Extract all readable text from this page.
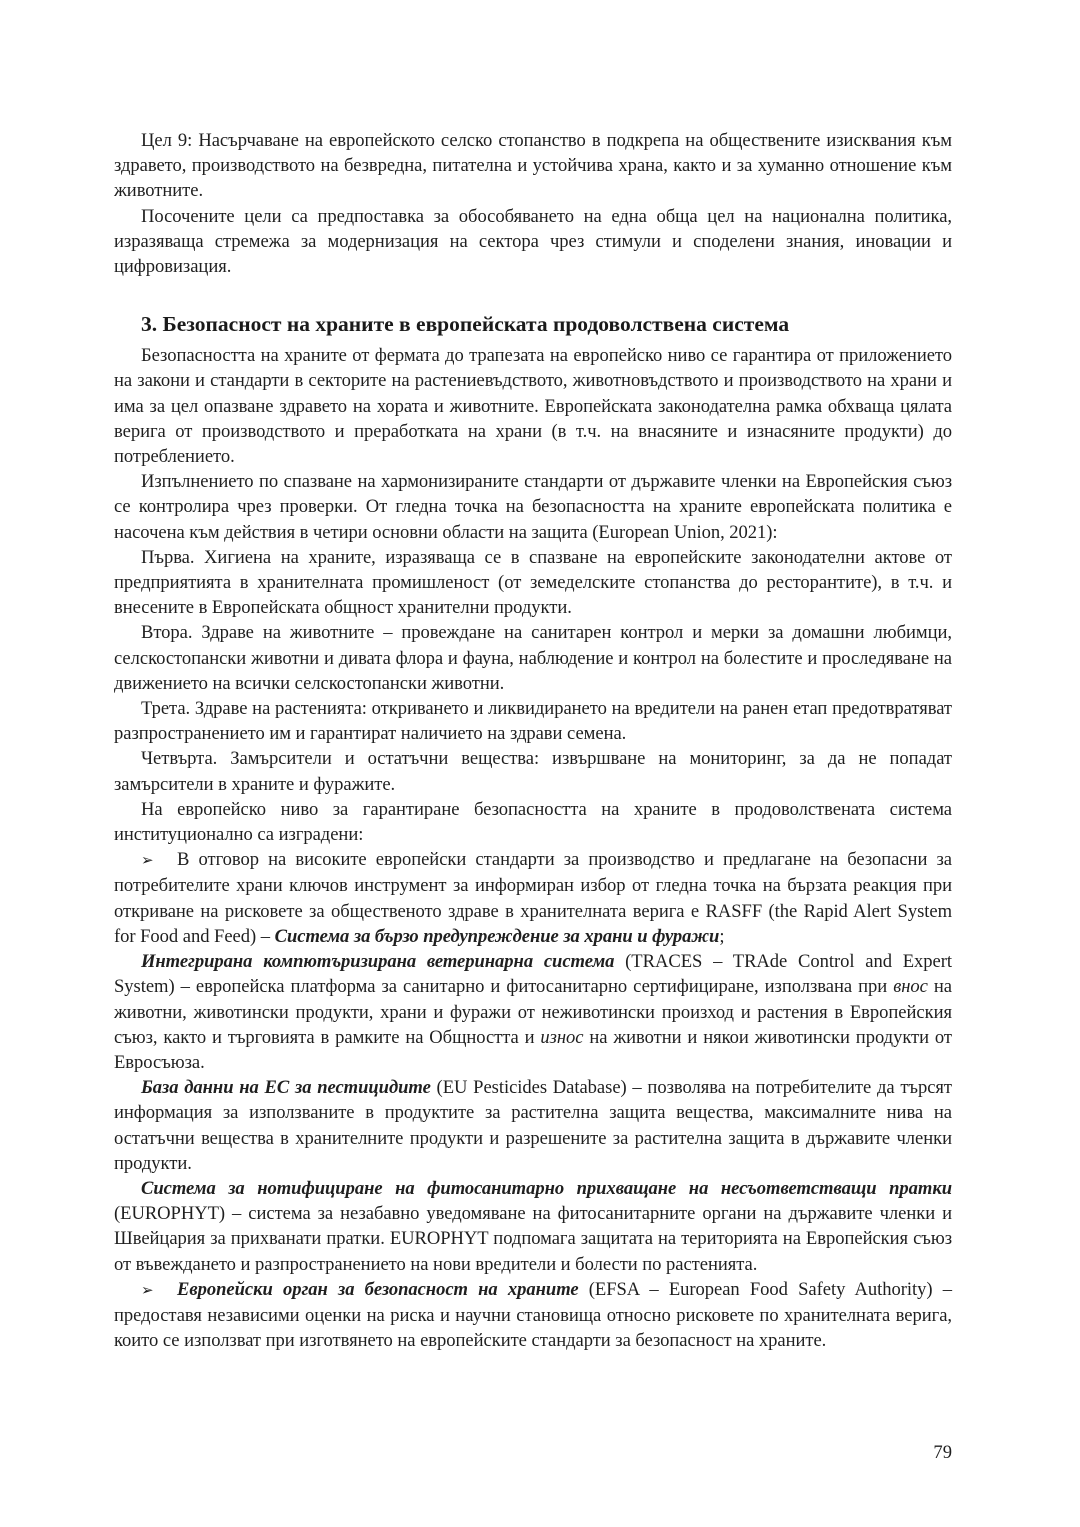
Цел 9: Насърчаване на европейското селско стопанство в подкрепа на обществените изисквания към здравето, производството на безвредна, питателна и устойчива храна, както и за хуманно отношение към животните.

Посочените цели са предпоставка за обособяването на една обща цел на национална политика, изразяваща стремежа за модернизация на сектора чрез стимули и споделени знания, иновации и цифровизация.

3. Безопасност на храните в европейската продоволствена система

Безопасността на храните от фермата до трапезата на европейско ниво се гарантира от приложението на закони и стандарти в секторите на растениевъдството, животновъдството и производството на храни и има за цел опазване здравето на хората и животните. Европейската законодателна рамка обхваща цялата верига от производството и преработката на храни (в т.ч. на внасяните и изнасяните продукти) до потреблението.

Изпълнението по спазване на хармонизираните стандарти от държавите членки на Европейския съюз се контролира чрез проверки. От гледна точка на безопасността на храните европейската политика е насочена към действия в четири основни области на защита (European Union, 2021):

Първа. Хигиена на храните, изразяваща се в спазване на европейските законодателни актове от предприятията в хранителната промишленост (от земеделските стопанства до ресторантите), в т.ч. и внесените в Европейската общност хранителни продукти.

Втора. Здраве на животните – провеждане на санитарен контрол и мерки за домашни любимци, селскостопански животни и дивата флора и фауна, наблюдение и контрол на болестите и проследяване на движението на всички селскостопански животни.

Трета. Здраве на растенията: откриването и ликвидирането на вредители на ранен етап предотвратяват разпространението им и гарантират наличието на здрави семена.

Четвърта. Замърсители и остатъчни вещества: извършване на мониторинг, за да не попадат замърсители в храните и фуражите.

На европейско ниво за гарантиране безопасността на храните в продоволствената система институционално са изградени:

➢ В отговор на високите европейски стандарти за производство и предлагане на безопасни за потребителите храни ключов инструмент за информиран избор от гледна точка на бързата реакция при откриване на рисковете за общественото здраве в хранителната верига е RASFF (the Rapid Alert System for Food and Feed) – Система за бързо предупреждение за храни и фуражи;

Интегрирана компютъризирана ветеринарна система (TRACES – TRAde Control and Expert System) – европейска платформа за санитарно и фитосанитарно сертифициране, използвана при внос на животни, животински продукти, храни и фуражи от неживотински произход и растения в Европейския съюз, както и търговията в рамките на Общността и износ на животни и някои животински продукти от Евросъюза.

База данни на ЕС за пестицидите (EU Pesticides Database) – позволява на потребителите да търсят информация за използваните в продуктите за растителна защита вещества, максималните нива на остатъчни вещества в хранителните продукти и разрешените за растителна защита в държавите членки продукти.

Система за нотифициране на фитосанитарно прихващане на несъответстващи пратки (EUROPHYT) – система за незабавно уведомяване на фитосанитарните органи на държавите членки и Швейцария за прихванати пратки. EUROPHYT подпомага защитата на територията на Европейския съюз от въвеждането и разпространението на нови вредители и болести по растенията.

➢ Европейски орган за безопасност на храните (EFSA – European Food Safety Authority) – предоставя независими оценки на риска и научни становища относно рисковете по хранителната верига, които се използват при изготвянето на европейските стандарти за безопасност на храните.

79
